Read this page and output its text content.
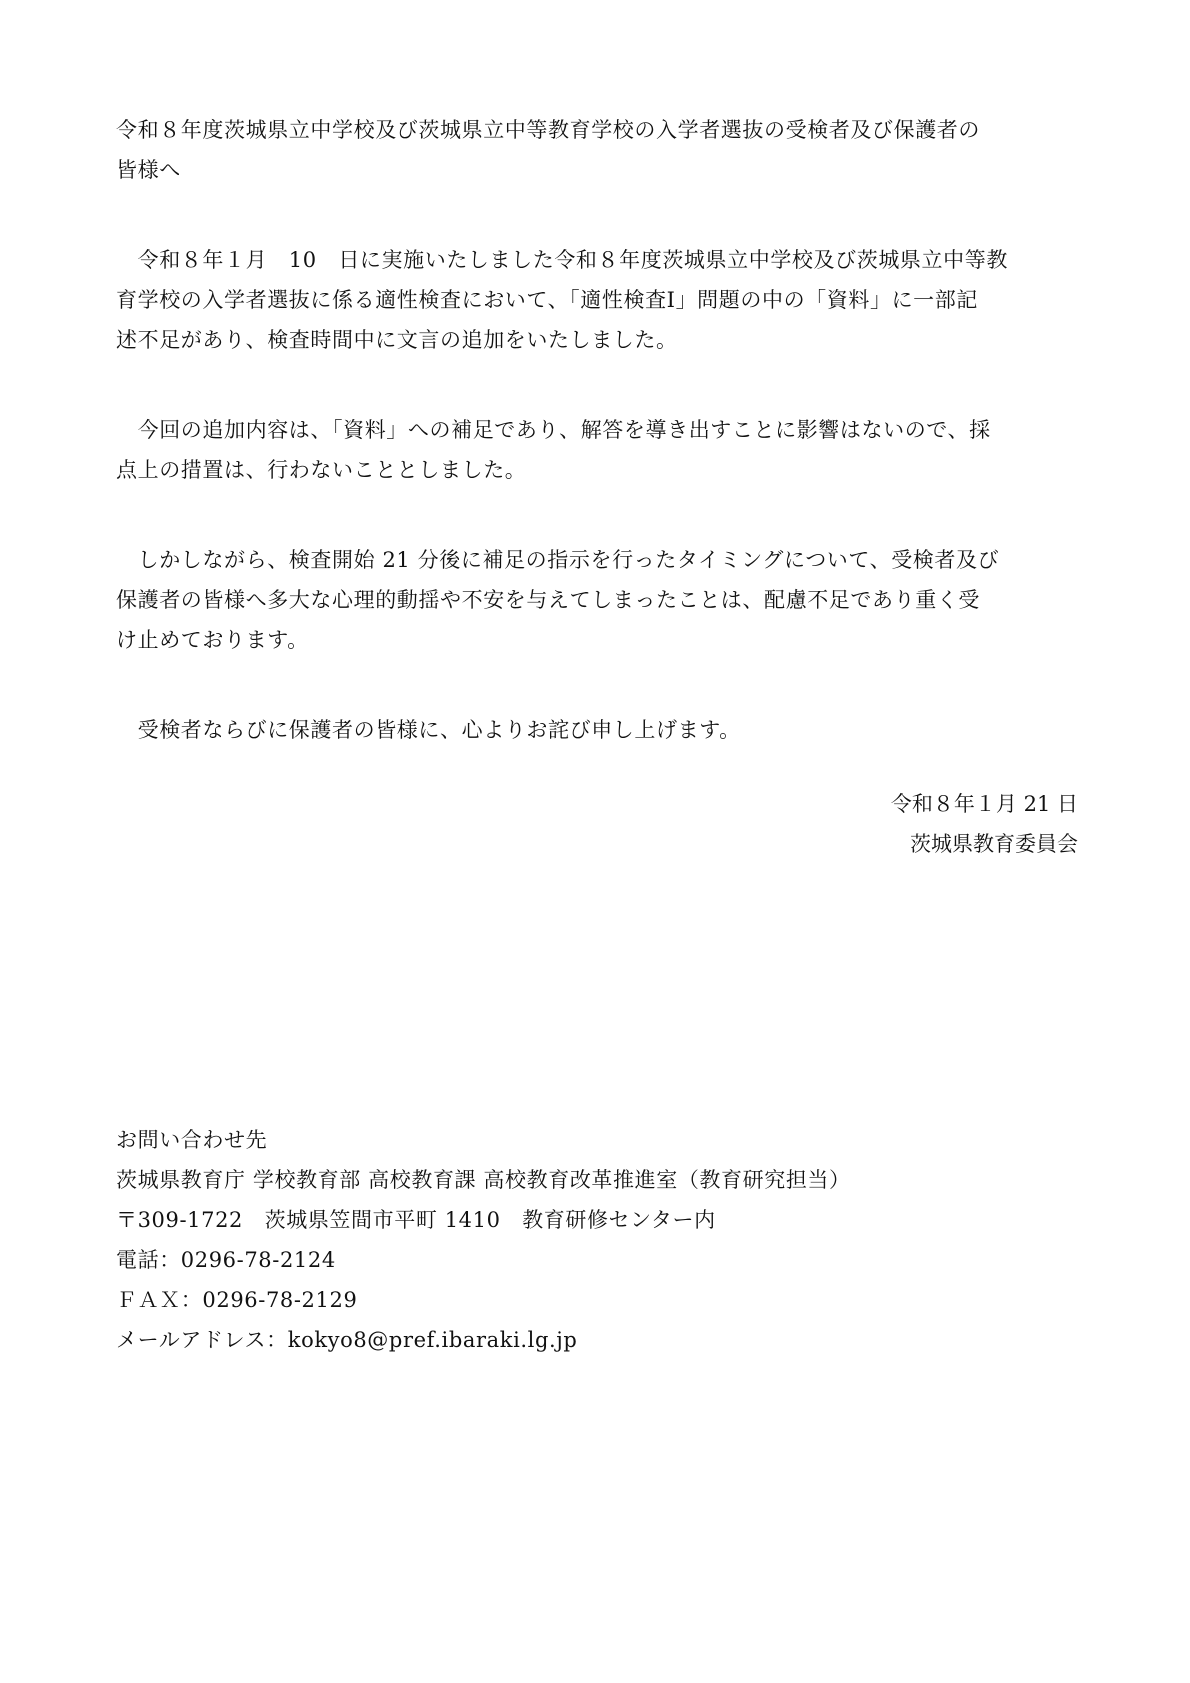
令和８年度茨城県立中学校及び茨城県立中等教育学校の入学者選抜の受検者及び保護者の

皆様へ

　令和８年１月　10　日に実施いたしました令和８年度茨城県立中学校及び茨城県立中等教

育学校の入学者選抜に係る適性検査において、「適性検査Ⅰ」問題の中の「資料」に一部記

述不足があり、検査時間中に文言の追加をいたしました。

　今回の追加内容は、「資料」への補足であり、解答を導き出すことに影響はないので、採

点上の措置は、行わないこととしました。

　しかしながら、検査開始 21 分後に補足の指示を行ったタイミングについて、受検者及び

保護者の皆様へ多大な心理的動揺や不安を与えてしまったことは、配慮不足であり重く受

け止めております。

　受検者ならびに保護者の皆様に、心よりお詫び申し上げます。

令和８年１月 21 日

茨城県教育委員会

お問い合わせ先

茨城県教育庁 学校教育部 高校教育課 高校教育改革推進室（教育研究担当）

〒309-1722　茨城県笠間市平町 1410　教育研修センター内

電話：0296-78-2124

ＦＡＸ：0296-78-2129

メールアドレス：kokyo8@pref.ibaraki.lg.jp
